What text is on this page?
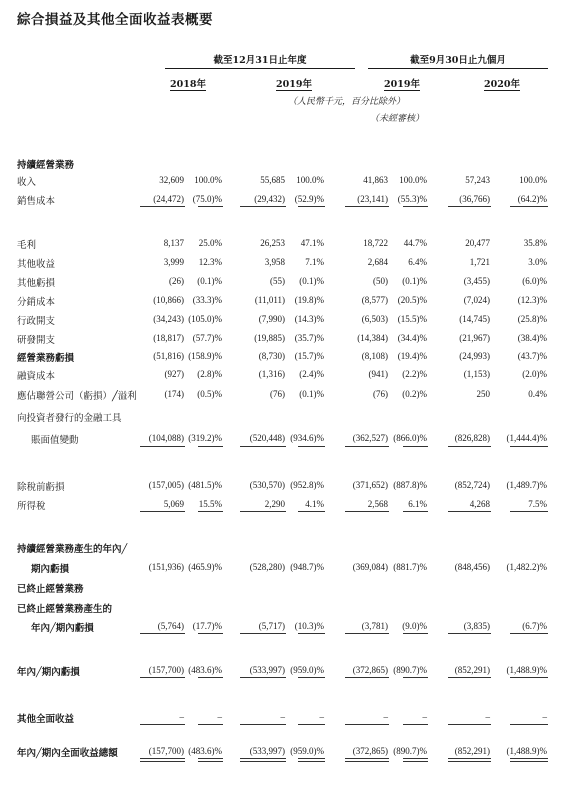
綜合損益及其他全面收益表概要
截至12月31日止年度	截至9月30日止九個月
2018年	2019年	2019年	2020年
（人民幣千元，百分比除外）
（未經審核）
持續經營業務
收入	32,609	100.0%	55,685	100.0%	41,863	100.0%	57,243	100.0%
銷售成本	(24,472) (75.0)%	(29,432)	(52.9)%	(23,141)	(55.3)%	(36,766)	(64.2)%
毛利	8,137	25.0%	26,253	47.1%	18,722	44.7%	20,477	35.8%
其他收益	3,999	12.3%	3,958	7.1%	2,684	6.4%	1,721	3.0%
其他虧損	(26)	(0.1)%	(55)	(0.1)%	(50)	(0.1)%	(3,455)	(6.0)%
分銷成本	(10,866) (33.3)%	(11,011)	(19.8)%	(8,577)	(20.5)%	(7,024)	(12.3)%
行政開支	(34,243) (105.0)%	(7,990)	(14.3)%	(6,503)	(15.5)%	(14,745)	(25.8)%
研發開支	(18,817) (57.7)%	(19,885)	(35.7)%	(14,384)	(34.4)%	(21,967)	(38.4)%
經營業務虧損	(51,816) (158.9)%	(8,730)	(15.7)%	(8,108)	(19.4)%	(24,993)	(43.7)%
融資成本	(927)	(2.8)%	(1,316)	(2.4)%	(941)	(2.2)%	(1,153)	(2.0)%
應佔聯營公司（虧損）╱溢利	(174)	(0.5)%	(76)	(0.1)%	(76)	(0.2)%	250	0.4%
向投資者發行的金融工具
賬面值變動	(104,088) (319.2)%	(520,448) (934.6)%	(362,527) (866.0)%	(826,828)	(1,444.4)%
除稅前虧損	(157,005) (481.5)%	(530,570) (952.8)%	(371,652) (887.8)%	(852,724)	(1,489.7)%
所得稅	5,069	15.5%	2,290	4.1%	2,568	6.1%	4,268	7.5%
持續經營業務產生的年內╱
期內虧損	(151,936) (465.9)%	(528,280) (948.7)%	(369,084) (881.7)%	(848,456)	(1,482.2)%
已終止經營業務
已終止經營業務產生的
年內╱期內虧損	(5,764) (17.7)%	(5,717)	(10.3)%	(3,781)	(9.0)%	(3,835)	(6.7)%
年內╱期內虧損	(157,700) (483.6)%	(533,997) (959.0)%	(372,865) (890.7)%	(852,291)	(1,488.9)%
其他全面收益	–	–	–	–	–	–	–	–
年內╱期內全面收益總額	(157,700) (483.6)%	(533,997) (959.0)%	(372,865) (890.7)%	(852,291)	(1,488.9)%
